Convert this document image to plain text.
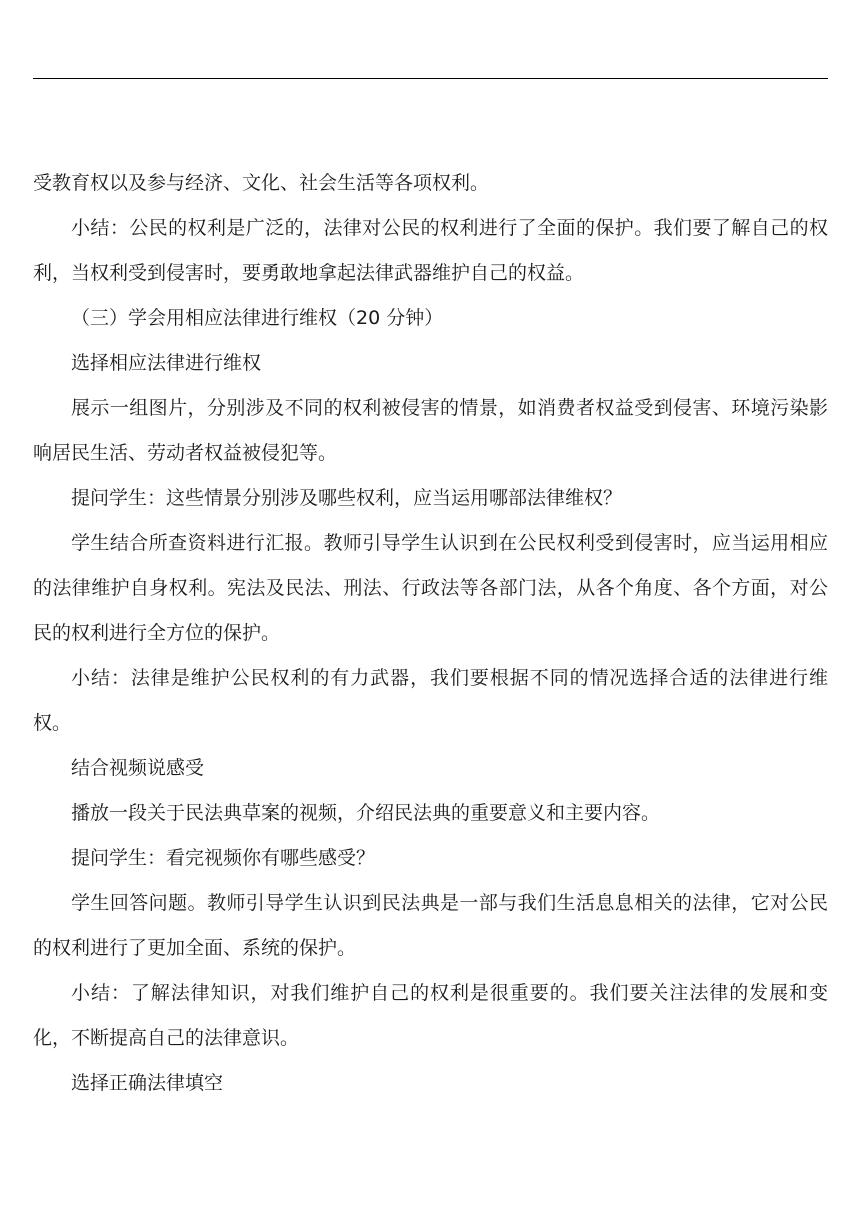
受教育权以及参与经济、文化、社会生活等各项权利。

小结：公民的权利是广泛的，法律对公民的权利进行了全面的保护。我们要了解自己的权利，当权利受到侵害时，要勇敢地拿起法律武器维护自己的权益。

（三）学会用相应法律进行维权（20 分钟）

选择相应法律进行维权

展示一组图片，分别涉及不同的权利被侵害的情景，如消费者权益受到侵害、环境污染影响居民生活、劳动者权益被侵犯等。

提问学生：这些情景分别涉及哪些权利，应当运用哪部法律维权？

学生结合所查资料进行汇报。教师引导学生认识到在公民权利受到侵害时，应当运用相应的法律维护自身权利。宪法及民法、刑法、行政法等各部门法，从各个角度、各个方面，对公民的权利进行全方位的保护。

小结：法律是维护公民权利的有力武器，我们要根据不同的情况选择合适的法律进行维权。

结合视频说感受

播放一段关于民法典草案的视频，介绍民法典的重要意义和主要内容。

提问学生：看完视频你有哪些感受？

学生回答问题。教师引导学生认识到民法典是一部与我们生活息息相关的法律，它对公民的权利进行了更加全面、系统的保护。

小结：了解法律知识，对我们维护自己的权利是很重要的。我们要关注法律的发展和变化，不断提高自己的法律意识。

选择正确法律填空
